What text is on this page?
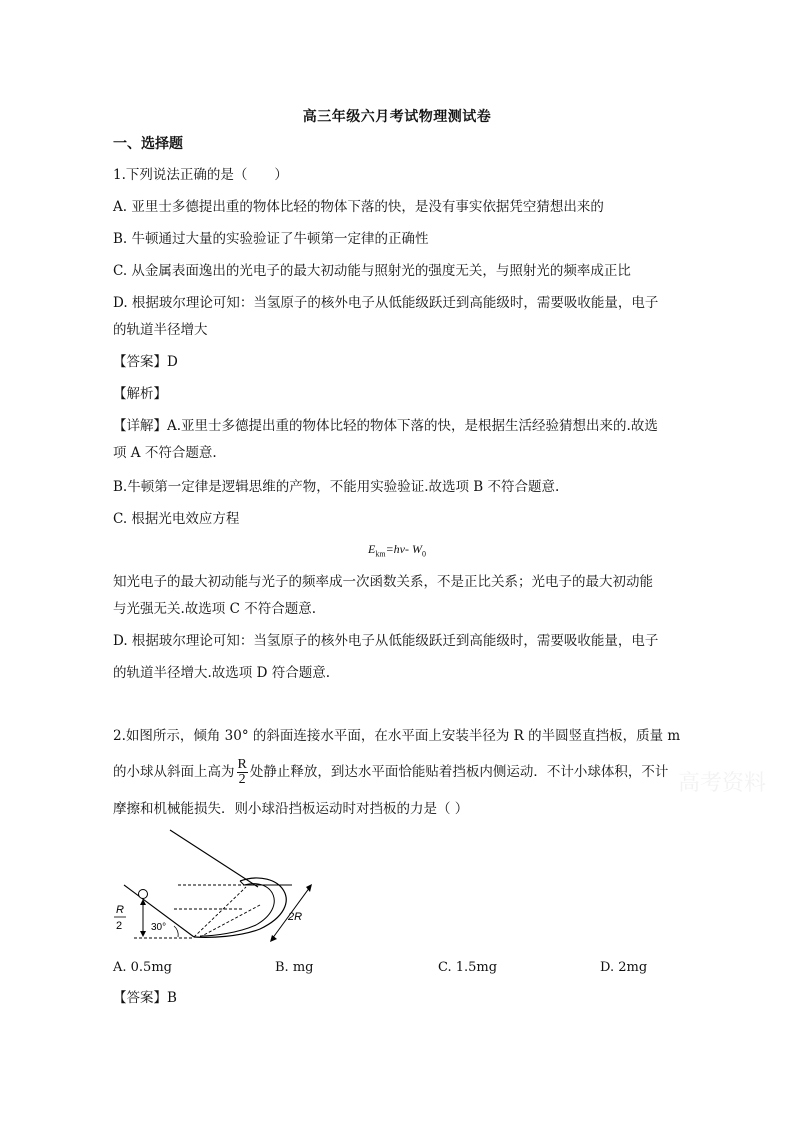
高三年级六月考试物理测试卷
一、选择题
1.下列说法正确的是（　　）
A. 亚里士多德提出重的物体比轻的物体下落的快，是没有事实依据凭空猜想出来的
B. 牛顿通过大量的实验验证了牛顿第一定律的正确性
C. 从金属表面逸出的光电子的最大初动能与照射光的强度无关，与照射光的频率成正比
D. 根据玻尔理论可知：当氢原子的核外电子从低能级跃迁到高能级时，需要吸收能量，电子
的轨道半径增大
【答案】D
【解析】
【详解】A.亚里士多德提出重的物体比轻的物体下落的快，是根据生活经验猜想出来的.故选
项 A 不符合题意.
B.牛顿第一定律是逻辑思维的产物，不能用实验验证.故选项 B 不符合题意.
C. 根据光电效应方程
$E_{km}=h\nu-$ $W_0$
知光电子的最大初动能与光子的频率成一次函数关系，不是正比关系；光电子的最大初动能
与光强无关.故选项 C 不符合题意.
D. 根据玻尔理论可知：当氢原子的核外电子从低能级跃迁到高能级时，需要吸收能量，电子
的轨道半径增大.故选项 D 符合题意.
2.如图所示，倾角 30° 的斜面连接水平面，在水平面上安装半径为 R 的半圆竖直挡板，质量 m
的小球从斜面上高为 $\frac{R}{2}$ 处静止释放，到达水平面恰能贴着挡板内侧运动．不计小球体积，不计
摩擦和机械能损失．则小球沿挡板运动时对挡板的力是（ ）
高考资料
R
2	30°
2R
A. 0.5mg	B. mg	C. 1.5mg	D. 2mg
【答案】B
